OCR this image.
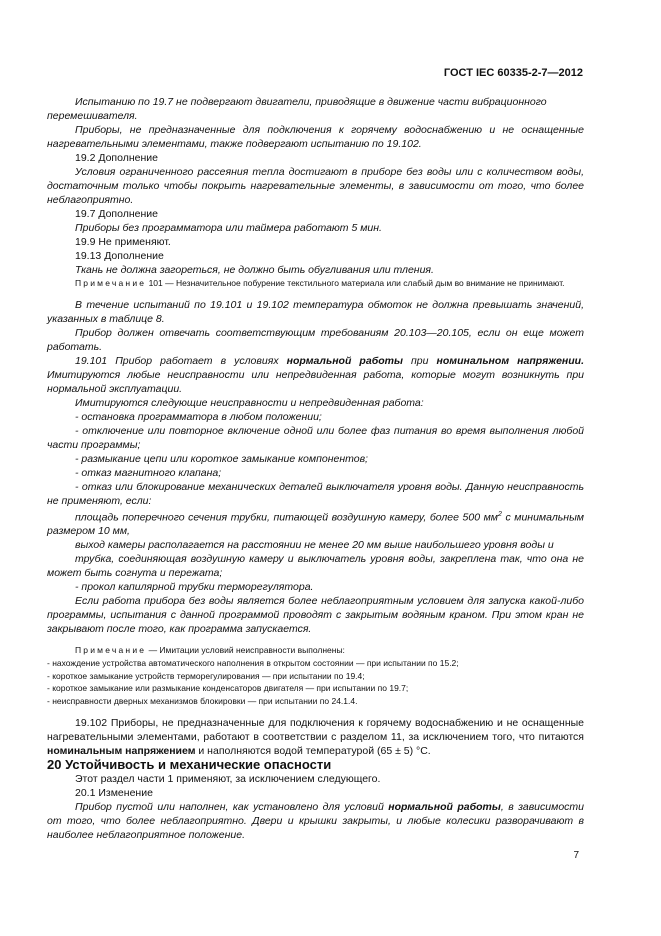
ГОСТ IEC 60335-2-7—2012

Испытанию по 19.7 не подвергают двигатели, приводящие в движение части вибрационного

перемешивателя.

Приборы, не предназначенные для подключения к горячему водоснабжению и не оснащенные нагревательными элементами, также подвергают испытанию по 19.102.

19.2 Дополнение

Условия ограниченного рассеяния тепла достигают в приборе без воды или с количеством воды, достаточным только чтобы покрыть нагревательные элементы, в зависимости от того, что более неблагоприятно.

19.7 Дополнение

Приборы без программатора или таймера работают 5 мин.

19.9 Не применяют.

19.13 Дополнение

Ткань не должна загореться, не должно быть обугливания или тления.

Примечание 101 — Незначительное побурение текстильного материала или слабый дым во внимание не принимают.

В течение испытаний по 19.101 и 19.102 температура обмоток не должна превышать значений, указанных в таблице 8.

Прибор должен отвечать соответствующим требованиям 20.103—20.105, если он еще может работать.

19.101 Прибор работает в условиях нормальной работы при номинальном напряжении. Имитируются любые неисправности или непредвиденная работа, которые могут возникнуть при нормальной эксплуатации.

Имитируются следующие неисправности и непредвиденная работа:

- остановка программатора в любом положении;

- отключение или повторное включение одной или более фаз питания во время выполнения любой части программы;

- размыкание цепи или короткое замыкание компонентов;

- отказ магнитного клапана;

- отказ или блокирование механических деталей выключателя уровня воды. Данную неисправность не применяют, если:

площадь поперечного сечения трубки, питающей воздушную камеру, более 500 $мм^2$ с минимальным размером 10 мм,

выход камеры располагается на расстоянии не менее 20 мм выше наибольшего уровня воды и

трубка, соединяющая воздушную камеру и выключатель уровня воды, закреплена так, что она не может быть согнута и пережата;

- прокол капилярной трубки терморегулятора.

Если работа прибора без воды является более неблагоприятным условием для запуска какой-либо программы, испытания с данной программой проводят с закрытым водяным краном. При этом кран не закрывают после того, как программа запускается.

Примечание — Имитации условий неисправности выполнены:

- нахождение устройства автоматического наполнения в открытом состоянии — при испытании по 15.2;

- короткое замыкание устройств терморегулирования — при испытании по 19.4;

- короткое замыкание или размыкание конденсаторов двигателя — при испытании по 19.7;

- неисправности дверных механизмов блокировки — при испытании по 24.1.4.

19.102 Приборы, не предназначенные для подключения к горячему водоснабжению и не оснащенные нагревательными элементами, работают в соответствии с разделом 11, за исключением того, что питаются номинальным напряжением и наполняются водой температурой (65 ± 5) °С.

20 Устойчивость и механические опасности

Этот раздел части 1 применяют, за исключением следующего.

20.1 Изменение

Прибор пустой или наполнен, как установлено для условий нормальной работы, в зависимости от того, что более неблагоприятно. Двери и крышки закрыты, и любые колесики разворачивают в наиболее неблагоприятное положение.

7
